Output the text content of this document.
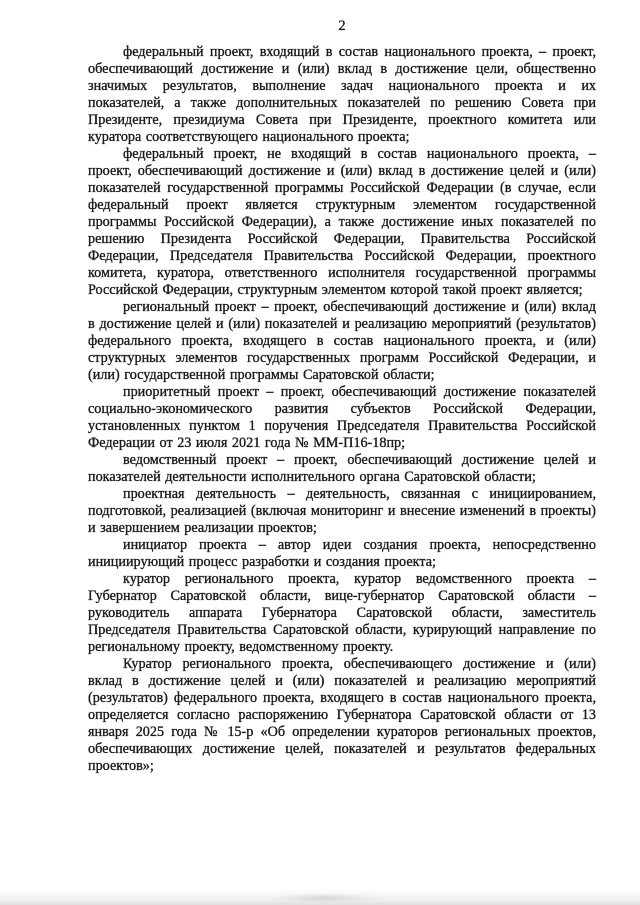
2

федеральный проект, входящий в состав национального проекта, – проект, обеспечивающий достижение и (или) вклад в достижение цели, общественно значимых результатов, выполнение задач национального проекта и их показателей, а также дополнительных показателей по решению Совета при Президенте, президиума Совета при Президенте, проектного комитета или куратора соответствующего национального проекта;

федеральный проект, не входящий в состав национального проекта, – проект, обеспечивающий достижение и (или) вклад в достижение целей и (или) показателей государственной программы Российской Федерации (в случае, если федеральный проект является структурным элементом государственной программы Российской Федерации), а также достижение иных показателей по решению Президента Российской Федерации, Правительства Российской Федерации, Председателя Правительства Российской Федерации, проектного комитета, куратора, ответственного исполнителя государственной программы Российской Федерации, структурным элементом которой такой проект является;

региональный проект – проект, обеспечивающий достижение и (или) вклад в достижение целей и (или) показателей и реализацию мероприятий (результатов) федерального проекта, входящего в состав национального проекта, и (или) структурных элементов государственных программ Российской Федерации, и (или) государственной программы Саратовской области;

приоритетный проект – проект, обеспечивающий достижение показателей социально-экономического развития субъектов Российской Федерации, установленных пунктом 1 поручения Председателя Правительства Российской Федерации от 23 июля 2021 года № ММ-П16-18пр;

ведомственный проект – проект, обеспечивающий достижение целей и показателей деятельности исполнительного органа Саратовской области;

проектная деятельность – деятельность, связанная с инициированием, подготовкой, реализацией (включая мониторинг и внесение изменений в проекты) и завершением реализации проектов;

инициатор проекта – автор идеи создания проекта, непосредственно инициирующий процесс разработки и создания проекта;

куратор регионального проекта, куратор ведомственного проекта – Губернатор Саратовской области, вице-губернатор Саратовской области – руководитель аппарата Губернатора Саратовской области, заместитель Председателя Правительства Саратовской области, курирующий направление по региональному проекту, ведомственному проекту.

Куратор регионального проекта, обеспечивающего достижение и (или) вклад в достижение целей и (или) показателей и реализацию мероприятий (результатов) федерального проекта, входящего в состав национального проекта, определяется согласно распоряжению Губернатора Саратовской области от 13 января 2025 года № 15-р «Об определении кураторов региональных проектов, обеспечивающих достижение целей, показателей и результатов федеральных проектов»;
